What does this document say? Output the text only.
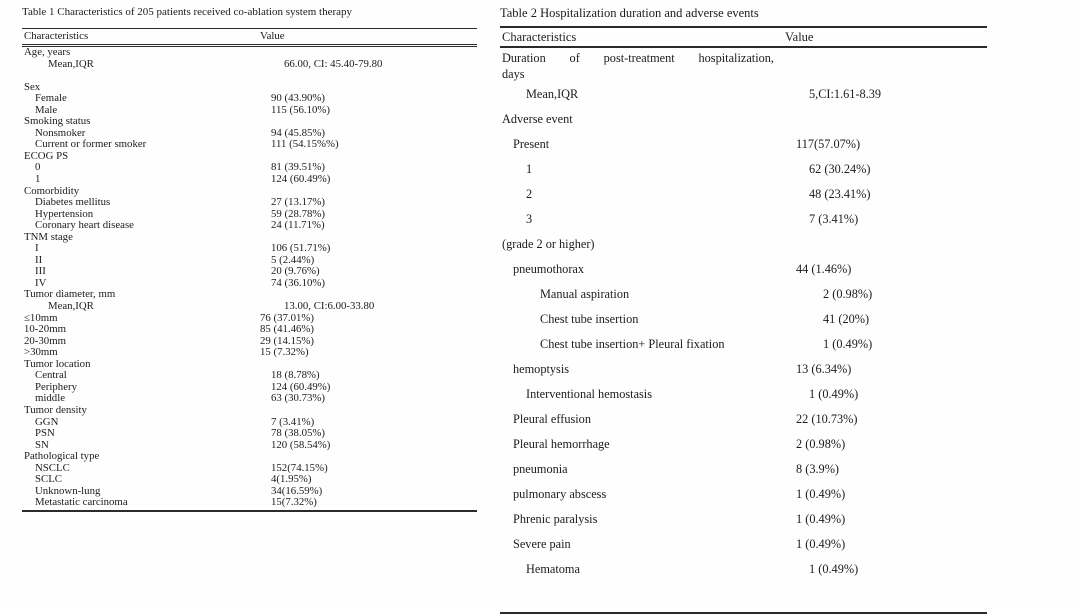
Table 1 Characteristics of 205 patients received co-ablation system therapy
Characteristics	Value
Age, years
Mean,IQR	66.00, CI: 45.40-79.80
Sex
Female	90 (43.90%)
Male	115 (56.10%)
Smoking status
Nonsmoker	94 (45.85%)
Current or former smoker	111 (54.15%%)
ECOG PS
0	81 (39.51%)
1	124 (60.49%)
Comorbidity
Diabetes mellitus	27 (13.17%)
Hypertension	59 (28.78%)
Coronary heart disease	24 (11.71%)
TNM stage
I	106 (51.71%)
II	5 (2.44%)
III	20 (9.76%)
IV	74 (36.10%)
Tumor diameter, mm
Mean,IQR	13.00, CI:6.00-33.80
≤10mm	76 (37.01%)
10-20mm	85 (41.46%)
20-30mm	29 (14.15%)
>30mm	15 (7.32%)
Tumor location
Central	18 (8.78%)
Periphery	124 (60.49%)
middle	63 (30.73%)
Tumor density
GGN	7 (3.41%)
PSN	78 (38.05%)
SN	120 (58.54%)
Pathological type
NSCLC	152(74.15%)
SCLC	4(1.95%)
Unknown-lung	34(16.59%)
Metastatic carcinoma	15(7.32%)
Table 2 Hospitalization duration and adverse events
Characteristics	Value
Duration of post-treatment hospitalization,
days
Mean,IQR	5,CI:1.61-8.39
Adverse event
Present	117(57.07%)
1	62 (30.24%)
2	48 (23.41%)
3	7 (3.41%)
(grade 2 or higher)
pneumothorax	44 (1.46%)
Manual aspiration	2 (0.98%)
Chest tube insertion	41 (20%)
Chest tube insertion+ Pleural fixation	1 (0.49%)
hemoptysis	13 (6.34%)
Interventional hemostasis	1 (0.49%)
Pleural effusion	22 (10.73%)
Pleural hemorrhage	2 (0.98%)
pneumonia	8 (3.9%)
pulmonary abscess	1 (0.49%)
Phrenic paralysis	1 (0.49%)
Severe pain	1 (0.49%)
Hematoma	1 (0.49%)
